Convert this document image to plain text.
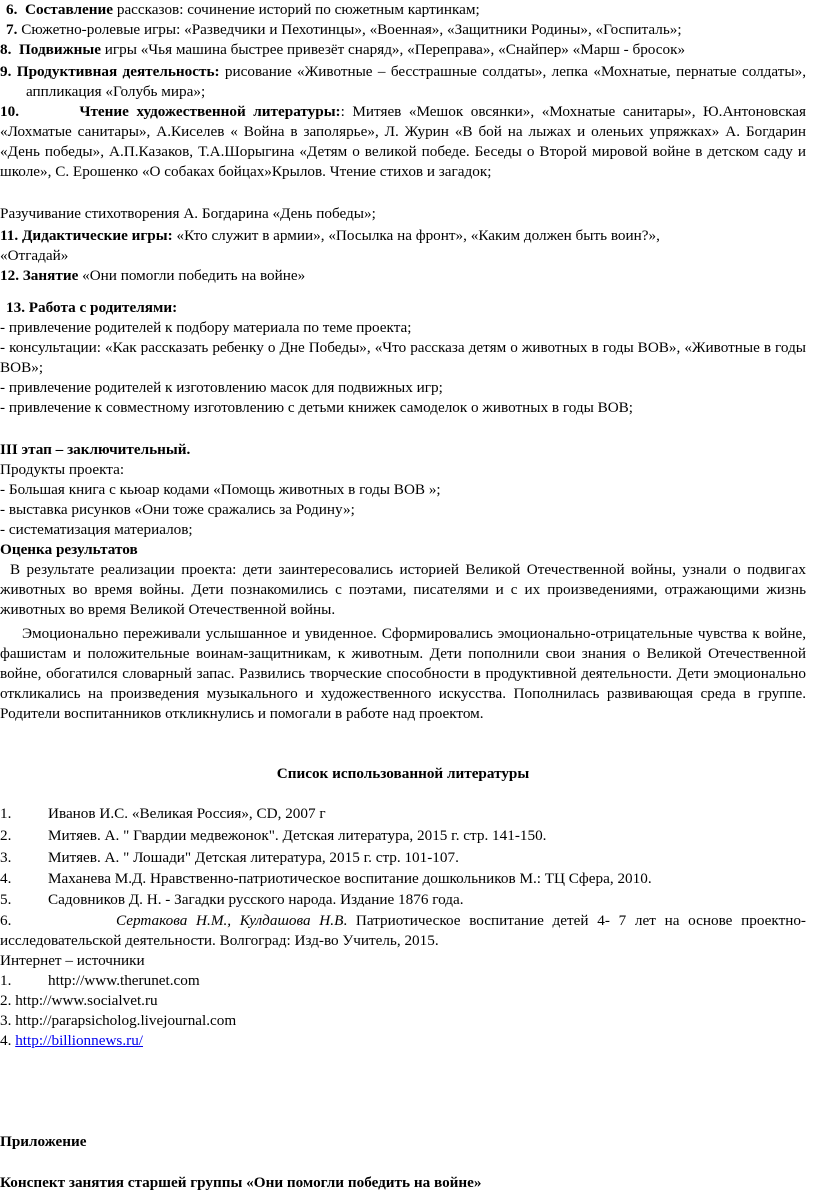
6. Составление рассказов: сочинение историй по сюжетным картинкам;
7. Сюжетно-ролевые игры: «Разведчики и Пехотинцы», «Военная», «Защитники Родины», «Госпиталь»;
8. Подвижные игры «Чья машина быстрее привезёт снаряд», «Переправа», «Снайпер» «Марш - бросок»
9. Продуктивная деятельность: рисование «Животные – бесстрашные солдаты», лепка «Мохнатые, пернатые солдаты», аппликация «Голубь мира»;
10.	Чтение художественной литературы:: Митяев «Мешок овсянки», «Мохнатые санитары», Ю.Антоновская «Лохматые санитары», А.Киселев « Война в заполярье», Л. Журин «В бой на лыжах и оленьих упряжках» А. Богдарин «День победы», А.П.Казаков, Т.А.Шорыгина «Детям о великой победе. Беседы о Второй мировой войне в детском саду и школе», С. Ерошенко «О собаках бойцах»Крылов. Чтение стихов и загадок;
Разучивание стихотворения А. Богдарина «День победы»;
11. Дидактические игры: «Кто служит в армии», «Посылка на фронт», «Каким должен быть воин?», «Отгадай»
12. Занятие «Они помогли победить на войне»
13. Работа с родителями:
- привлечение родителей к подбору материала по теме проекта;
- консультации: «Как рассказать ребенку о Дне Победы», «Что рассказа детям о животных в годы ВОВ», «Животные в годы ВОВ»;
- привлечение родителей к изготовлению масок для подвижных игр;
- привлечение к совместному изготовлению с детьми книжек самоделок о животных в годы ВОВ;
III этап – заключительный.
Продукты проекта:
- Большая книга с кьюар кодами «Помощь животных в годы ВОВ »;
- выставка рисунков «Они тоже сражались за Родину»;
- систематизация материалов;
Оценка результатов
В результате реализации проекта: дети заинтересовались историей Великой Отечественной войны, узнали о подвигах животных во время войны. Дети познакомились с поэтами, писателями и с их произведениями, отражающими жизнь животных во время Великой Отечественной войны.
Эмоционально переживали услышанное и увиденное. Сформировались эмоционально-отрицательные чувства к войне, фашистам и положительные воинам-защитникам, к животным. Дети пополнили свои знания о Великой Отечественной войне, обогатился словарный запас. Развились творческие способности в продуктивной деятельности. Дети эмоционально откликались на произведения музыкального и художественного искусства. Пополнилась развивающая среда в группе. Родители воспитанников откликнулись и помогали в работе над проектом.
Список использованной литературы
1.	Иванов И.С. «Великая Россия», CD, 2007 г
2.	Митяев. А. " Гвардии медвежонок". Детская литература, 2015 г. стр. 141-150.
3.	Митяев. А. " Лошади" Детская литература, 2015 г. стр. 101-107.
4.	Маханева М.Д. Нравственно-патриотическое воспитание дошкольников М.: ТЦ Сфера, 2010.
5.	Садовников Д. Н. - Загадки русского народа. Издание 1876 года.
6.	Сертакова Н.М., Кулдашова Н.В. Патриотическое воспитание детей 4- 7 лет на основе проектно-исследовательской деятельности. Волгоград: Изд-во Учитель, 2015.
Интернет – источники
1.	http://www.therunet.com
2. http://www.socialvet.ru
3. http://parapsicholog.livejournal.com
4. http://billionnews.ru/
Приложение
Конспект занятия старшей группы «Они помогли победить на войне»
